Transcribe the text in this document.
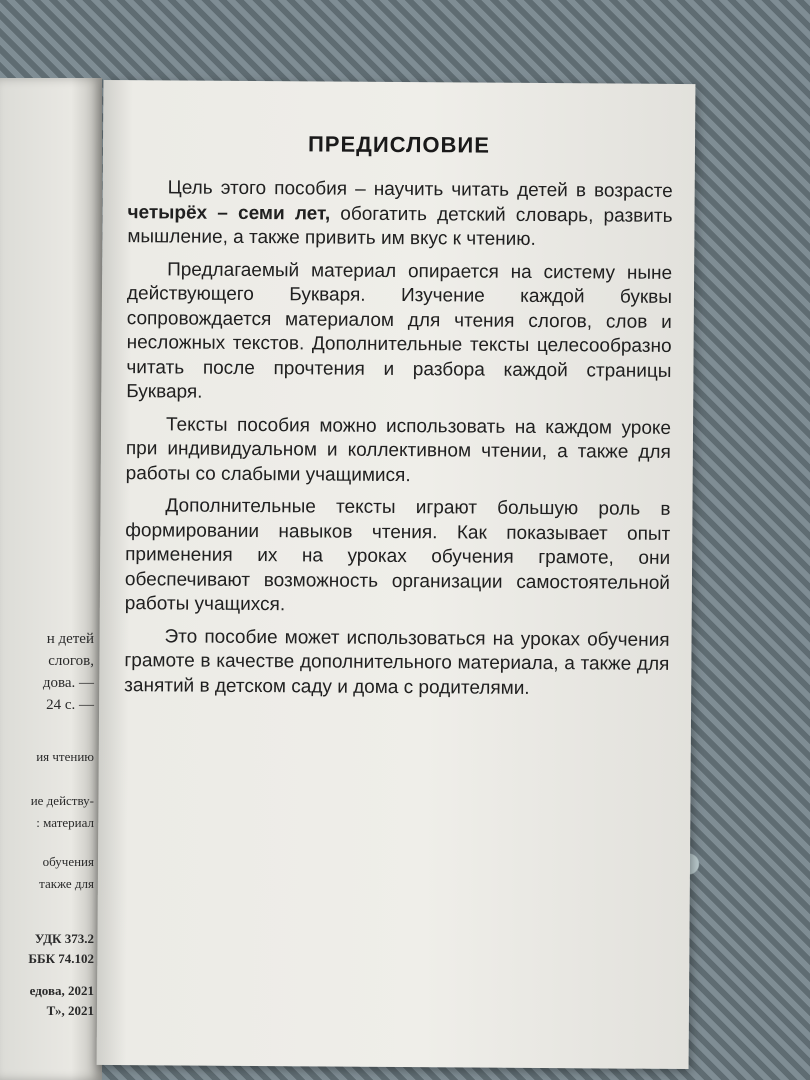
н детей
слогов,
дова. —
24 с. —
ия чтению
ие действу-
: материал
обучения
также для
УДК 373.2
ББК 74.102
едова, 2021
Т», 2021
ПРЕДИСЛОВИЕ

Цель этого пособия – научить читать детей в возрасте четырёх – семи лет, обогатить детский словарь, развить мышление, а также привить им вкус к чтению.

Предлагаемый материал опирается на систему ныне действующего Букваря. Изучение каждой буквы сопровождается материалом для чтения слогов, слов и несложных текстов. Дополнительные тексты целесообразно читать после прочтения и разбора каждой страницы Букваря.

Тексты пособия можно использовать на каждом уроке при индивидуальном и коллективном чтении, а также для работы со слабыми учащимися.

Дополнительные тексты играют большую роль в формировании навыков чтения. Как показывает опыт применения их на уроках обучения грамоте, они обеспечивают возможность организации самостоятельной работы учащихся.

Это пособие может использоваться на уроках обучения грамоте в качестве дополнительного материала, а также для занятий в детском саду и дома с родителями.
